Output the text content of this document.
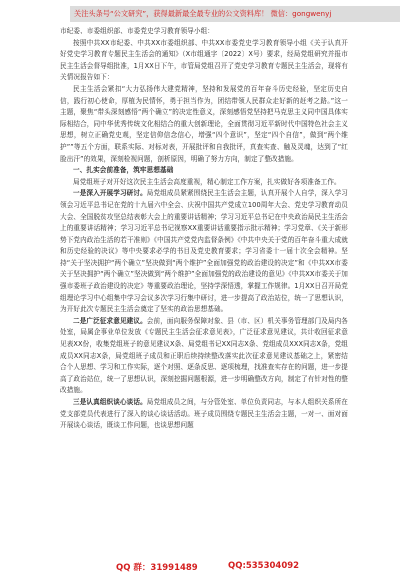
关注头条号“公文研究”，获得最新最全最专业的公文资料库！ 微信：gongwenyj

市纪委、市委组织部、市委党史学习教育领导小组：

按照中共XX市纪委、中共XX市委组织部、中共XX市委党史学习教育领导小组《关于认真开好党史学习教育专题民主生活会的通知》（X市组通字〔2022〕X号）要求，经局党组研究并报市民主生活会督导组批准，1月XX日下午，市管局党组召开了党史学习教育专题民主生活会，现将有关情况报告如下：

民主生活会紧扣“大力弘扬伟大建党精神，坚持和发展党的百年奋斗历史经验，坚定历史自信，践行初心使命，厚植为民情怀，勇于担当作为，团结带领人民群众走好新的赶考之路。”这一主题，聚焦“带头深刻感悟“两个确立”的决定性意义，深刻感悟党坚持把马克思主义同中国具体实际相结合，同中华优秀传统文化相结合的重大创新理论，全面贯彻习近平新时代中国特色社会主义思想，树立正确党史观，坚定信仰信念信心，增强“四个意识”，坚定“四个自信”，做到“两个维护””等五个方面，联系实际、对标对表，开展批评和自我批评，真查实查、触及灵魂，达到了“红脸出汗”的效果，深刻检视问题，剖析原因，明确了努力方向，制定了整改措施。

一、扎实会前准备，筑牢思想基础

局党组班子对开好这次民主生活会高度重视，精心制定工作方案，扎实做好各项准备工作。

一是深入开展学习研讨。局党组成员紧紧围绕民主生活会主题，认真开展个人自学，深入学习领会习近平总书记在党的十九届六中全会、庆祝中国共产党成立100周年大会、党史学习教育动员大会、全国脱贫攻坚总结表彰大会上的重要讲话精神；学习习近平总书记在中央政治局民主生活会上的重要讲话精神；学习习近平总书记视察XX重要讲话重要指示批示精神；学习党章、《关于新形势下党内政治生活的若干准则》《中国共产党党内监督条例》《中共中央关于党的百年奋斗重大成就和历史经验的决议》等中央要求必学的书目及党史教育要求；学习省委十一届十次全会精神。坚持“关于坚决拥护“两个确立”坚决做到“两个维护”全面加强党的政治建设的决定”和《中共XX市委关于坚决拥护“两个确立”坚决做到“两个维护”全面加强党的政治建设的意见》《中共XX市委关于加强市委班子政治建设的决定》等重要政治理论，坚持学深悟透，掌握工作规律。1月XX日召开局党组理论学习中心组集中学习会议多次学习行集中研讨，进一步提高了政治站位，统一了思想认识，为开好此次专题民主生活会奠定了坚实的政治思想基础。

二是广泛征求意见建议。会前，面向服务保障对象、县（市、区）机关事务管理部门及局内各处室，局属企事业单位发放《专题民主生活会征求意见表》，广泛征求意见建议，共计收回征求意见表XX份，收集党组班子的意见建议X条、局党组书记XX同志X条、党组成员XXX同志X条，党组成员XX同志X条，局党组班子成员和正职后续持续整改落实此次征求意见建议基础之上，紧密结合个人思想、学习和工作实际，逐个对照、逐条反思、逐项梳理，找准查实存在的问题，进一步提高了政治站位，统一了思想认识，深刻挖掘问题根源，进一步明确整改方向，制定了有针对性的整改措施。

三是认真组织谈心谈话。局党组成员之间，与分管处室、单位负责同志，与本人组织关系所在党支部党员代表进行了深入的谈心谈话活动。班子成员围绕专题民主生活会主题，一对一、面对面开展谈心谈话，既谈工作问题，也谈思想问题

QQ 群：31991489	QQ:535304092
